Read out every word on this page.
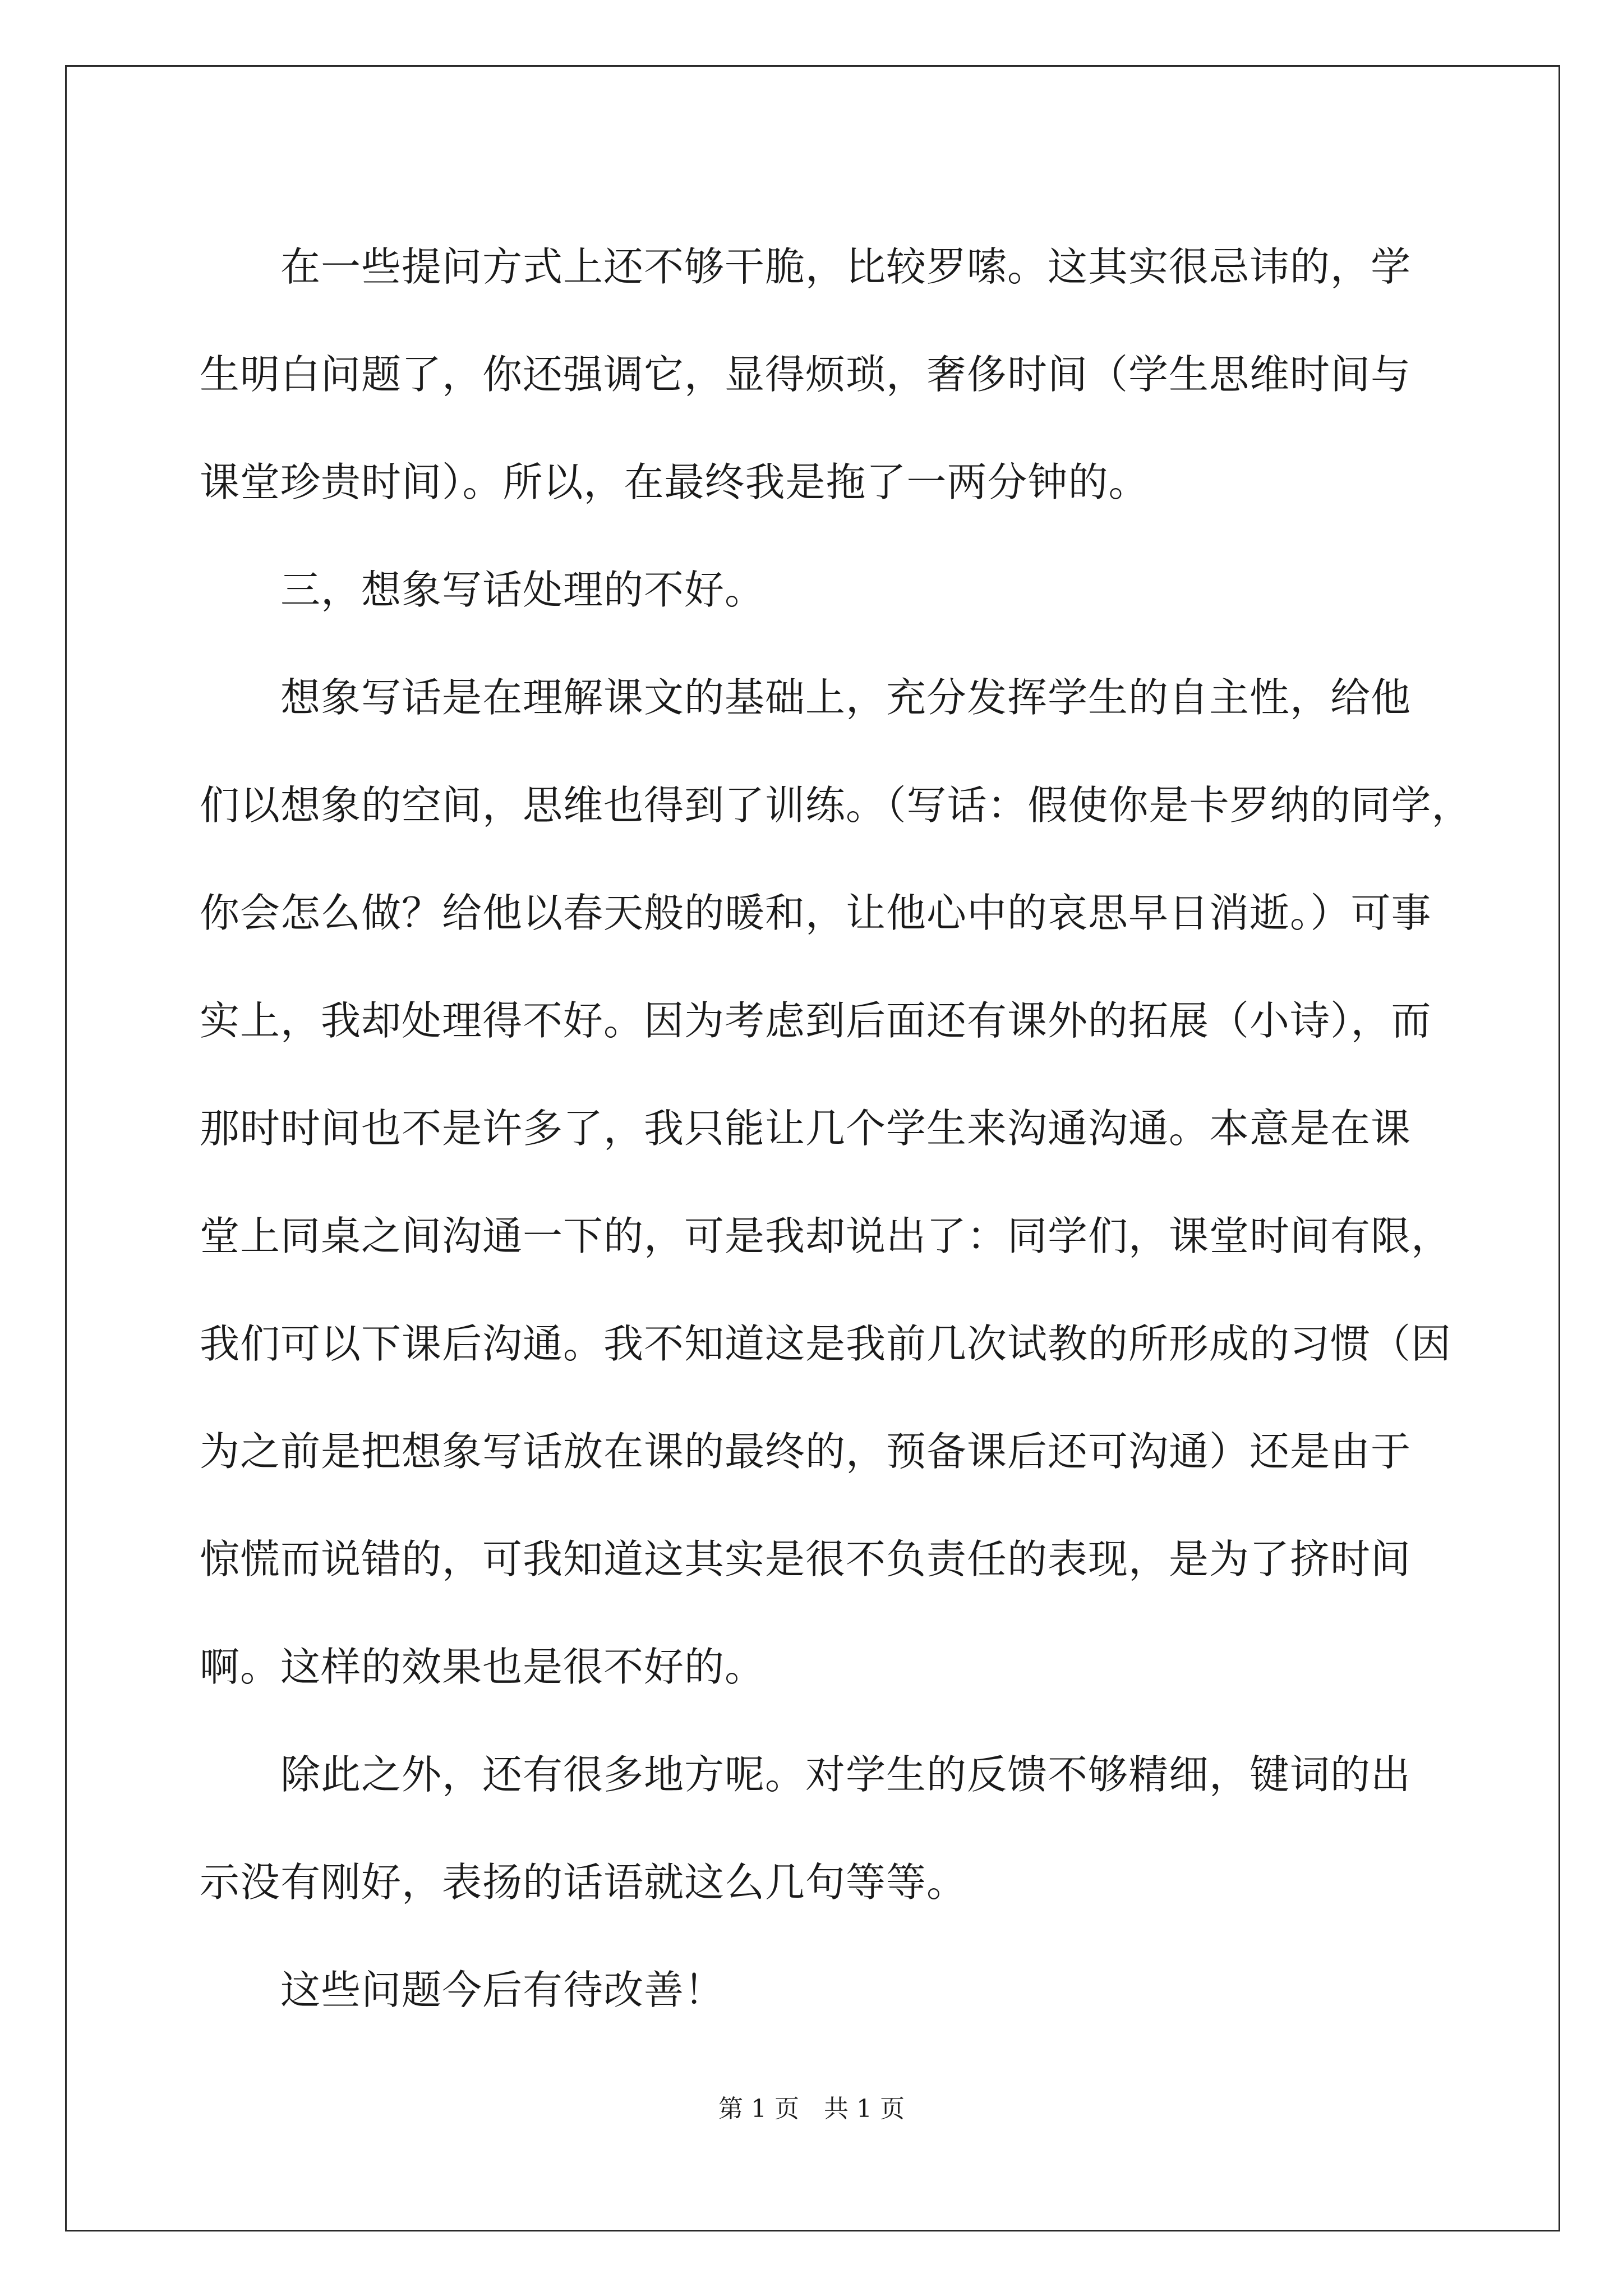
　　在一些提问方式上还不够干脆，比较罗嗦。这其实很忌讳的，学
生明白问题了，你还强调它，显得烦琐，奢侈时间（学生思维时间与
课堂珍贵时间）。所以，在最终我是拖了一两分钟的。
　　三，想象写话处理的不好。
　　想象写话是在理解课文的基础上，充分发挥学生的自主性，给他
们以想象的空间，思维也得到了训练。（写话：假使你是卡罗纳的同学，
你会怎么做？给他以春天般的暖和，让他心中的哀思早日消逝。）可事
实上，我却处理得不好。因为考虑到后面还有课外的拓展（小诗），而
那时时间也不是许多了，我只能让几个学生来沟通沟通。本意是在课
堂上同桌之间沟通一下的，可是我却说出了：同学们，课堂时间有限，
我们可以下课后沟通。我不知道这是我前几次试教的所形成的习惯（因
为之前是把想象写话放在课的最终的，预备课后还可沟通）还是由于
惊慌而说错的，可我知道这其实是很不负责任的表现，是为了挤时间
啊。这样的效果也是很不好的。
　　除此之外，还有很多地方呢。对学生的反馈不够精细，键词的出
示没有刚好，表扬的话语就这么几句等等。
　　这些问题今后有待改善！
第 1 页　共 1 页
